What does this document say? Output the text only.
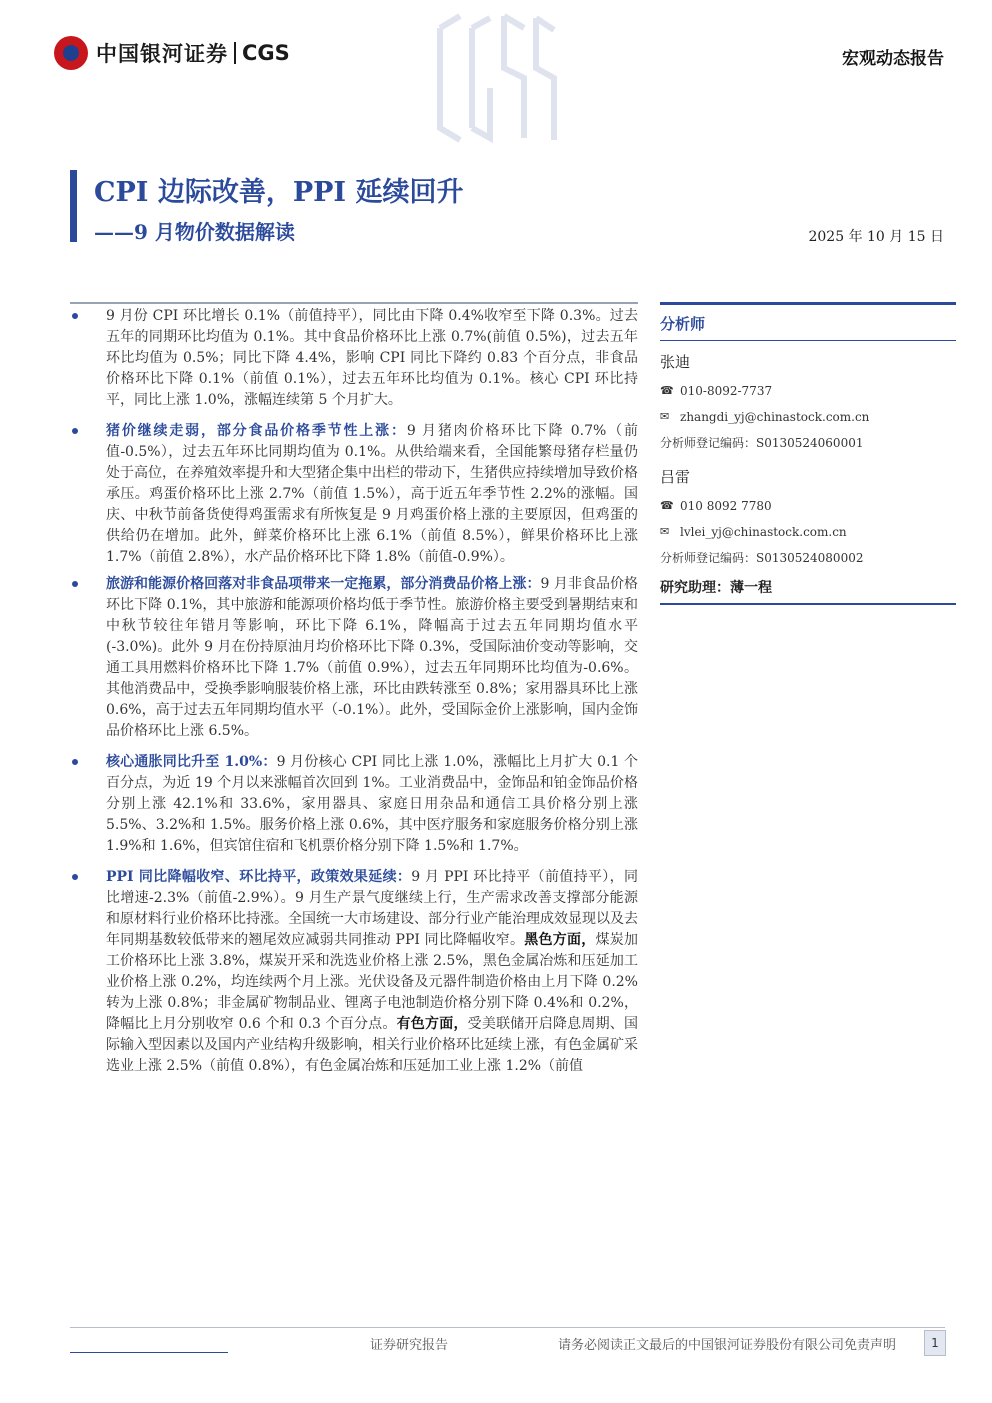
中国银河证券 CGS	宏观动态报告
CPI 边际改善，PPI 延续回升
——9 月物价数据解读	2025 年 10 月 15 日
9 月份 CPI 环比增长 0.1%（前值持平），同比由下降 0.4%收窄至下降 0.3%。过去五年的同期环比均值为 0.1%。其中食品价格环比上涨 0.7%(前值 0.5%)，过去五年环比均值为 0.5%；同比下降 4.4%，影响 CPI 同比下降约 0.83 个百分点，非食品价格环比下降 0.1%（前值 0.1%），过去五年环比均值为 0.1%。核心 CPI 环比持平，同比上涨 1.0%，涨幅连续第 5 个月扩大。
猪价继续走弱，部分食品价格季节性上涨：9 月猪肉价格环比下降 0.7%（前值-0.5%），过去五年环比同期均值为 0.1%。从供给端来看，全国能繁母猪存栏量仍处于高位，在养殖效率提升和大型猪企集中出栏的带动下，生猪供应持续增加导致价格承压。鸡蛋价格环比上涨 2.7%（前值 1.5%），高于近五年季节性 2.2%的涨幅。国庆、中秋节前备货使得鸡蛋需求有所恢复是 9 月鸡蛋价格上涨的主要原因，但鸡蛋的供给仍在增加。此外，鲜菜价格环比上涨 6.1%（前值 8.5%），鲜果价格环比上涨 1.7%（前值 2.8%），水产品价格环比下降 1.8%（前值-0.9%）。
旅游和能源价格回落对非食品项带来一定拖累，部分消费品价格上涨：9 月非食品价格环比下降 0.1%，其中旅游和能源项价格均低于季节性。旅游价格主要受到暑期结束和中秋节较往年错月等影响，环比下降 6.1%，降幅高于过去五年同期均值水平(-3.0%)。此外 9 月在份持原油月均价格环比下降 0.3%，受国际油价变动等影响，交通工具用燃料价格环比下降 1.7%（前值 0.9%），过去五年同期环比均值为-0.6%。其他消费品中，受换季影响服装价格上涨，环比由跌转涨至 0.8%；家用器具环比上涨 0.6%，高于过去五年同期均值水平（-0.1%）。此外，受国际金价上涨影响，国内金饰品价格环比上涨 6.5%。
核心通胀同比升至 1.0%：9 月份核心 CPI 同比上涨 1.0%，涨幅比上月扩大 0.1 个百分点，为近 19 个月以来涨幅首次回到 1%。工业消费品中，金饰品和铂金饰品价格分别上涨 42.1%和 33.6%，家用器具、家庭日用杂品和通信工具价格分别上涨 5.5%、3.2%和 1.5%。服务价格上涨 0.6%，其中医疗服务和家庭服务价格分别上涨 1.9%和 1.6%，但宾馆住宿和飞机票价格分别下降 1.5%和 1.7%。
PPI 同比降幅收窄、环比持平，政策效果延续：9 月 PPI 环比持平（前值持平），同比增速-2.3%（前值-2.9%）。9 月生产景气度继续上行，生产需求改善支撑部分能源和原材料行业价格环比持涨。全国统一大市场建设、部分行业产能治理成效显现以及去年同期基数较低带来的翘尾效应减弱共同推动 PPI 同比降幅收窄。黑色方面，煤炭加工价格环比上涨 3.8%，煤炭开采和洗选业价格上涨 2.5%，黑色金属冶炼和压延加工业价格上涨 0.2%，均连续两个月上涨。光伏设备及元器件制造价格由上月下降 0.2%转为上涨 0.8%；非金属矿物制品业、锂离子电池制造价格分别下降 0.4%和 0.2%，降幅比上月分别收窄 0.6 个和 0.3 个百分点。有色方面，受美联储开启降息周期、国际输入型因素以及国内产业结构升级影响，相关行业价格环比延续上涨，有色金属矿采选业上涨 2.5%（前值 0.8%），有色金属冶炼和压延加工业上涨 1.2%（前值
分析师
张迪
☎ 010-8092-7737
✉ zhangdi_yj@chinastock.com.cn
分析师登记编码：S0130524060001
吕雷
☎ 010 8092 7780
✉ lvlei_yj@chinastock.com.cn
分析师登记编码：S0130524080002
研究助理：薄一程
证券研究报告	请务必阅读正文最后的中国银河证券股份有限公司免责声明	1
